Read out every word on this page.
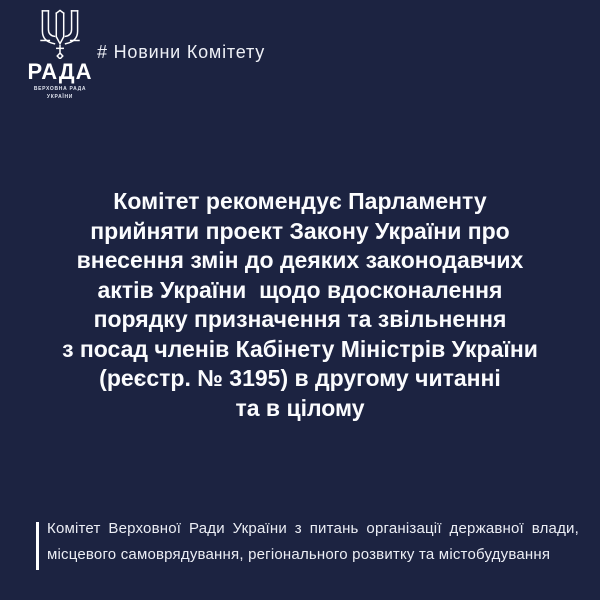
РАДА
ВЕРХОВНА РАДА
УКРАЇНИ
# Новини Комітету
Комітет рекомендує Парламенту
прийняти проект Закону України про
внесення змін до деяких законодавчих
актів України  щодо вдосконалення
порядку призначення та звільнення
з посад членів Кабінету Міністрів України
(реєстр. № 3195) в другому читанні
та в цілому
Комітет Верховної Ради України з питань організації державної влади,
місцевого самоврядування, регіонального розвитку та містобудування
